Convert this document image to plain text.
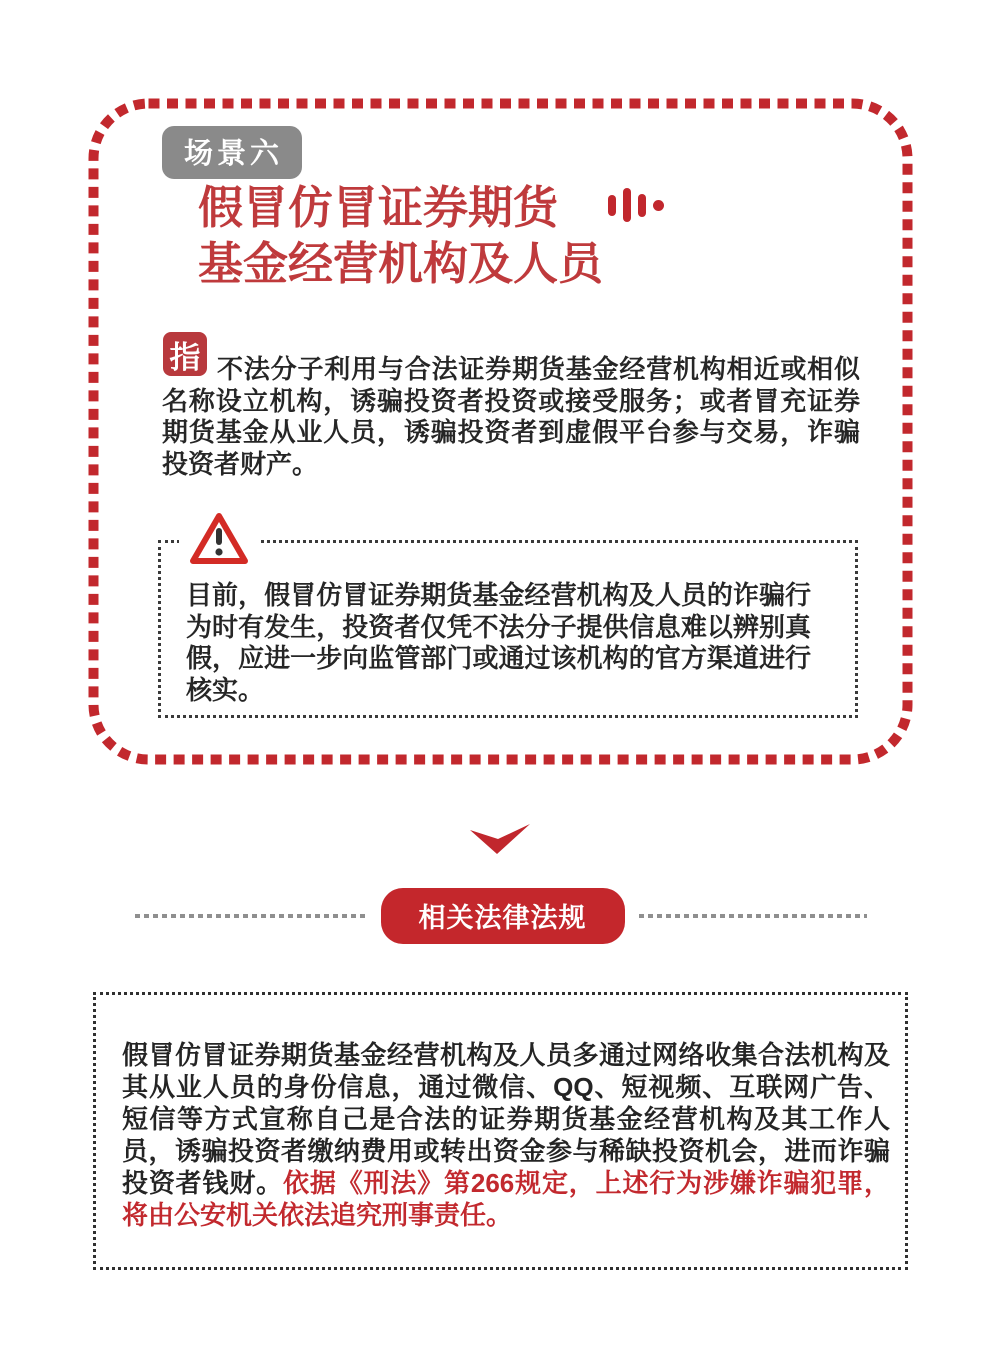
场景六
假冒仿冒证券期货
基金经营机构及人员
指 不法分子利用与合法证券期货基金经营机构相近或相似名称设立机构，诱骗投资者投资或接受服务；或者冒充证券期货基金从业人员，诱骗投资者到虚假平台参与交易，诈骗投资者财产。

目前，假冒仿冒证券期货基金经营机构及人员的诈骗行为时有发生，投资者仅凭不法分子提供信息难以辨别真假，应进一步向监管部门或通过该机构的官方渠道进行核实。

相关法律法规

假冒仿冒证券期货基金经营机构及人员多通过网络收集合法机构及其从业人员的身份信息，通过微信、QQ、短视频、互联网广告、短信等方式宣称自己是合法的证券期货基金经营机构及其工作人员，诱骗投资者缴纳费用或转出资金参与稀缺投资机会，进而诈骗投资者钱财。依据《刑法》第266规定，上述行为涉嫌诈骗犯罪，将由公安机关依法追究刑事责任。
